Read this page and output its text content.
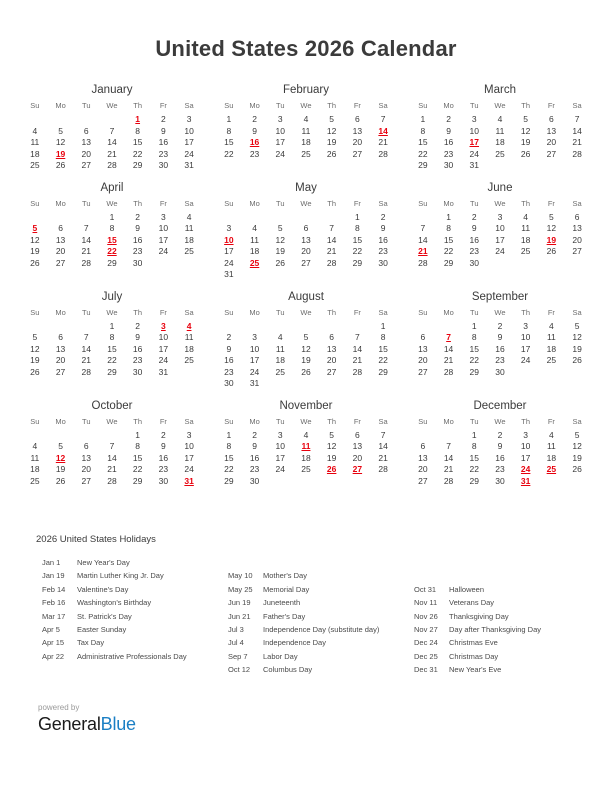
United States 2026 Calendar
January
Su	Mo	Tu	We	Th	Fr	Sa
				1	2	3
4	5	6	7	8	9	10
11	12	13	14	15	16	17
18	19	20	21	22	23	24
25	26	27	28	29	30	31
February
Su	Mo	Tu	We	Th	Fr	Sa
1	2	3	4	5	6	7
8	9	10	11	12	13	14
15	16	17	18	19	20	21
22	23	24	25	26	27	28
March
Su	Mo	Tu	We	Th	Fr	Sa
1	2	3	4	5	6	7
8	9	10	11	12	13	14
15	16	17	18	19	20	21
22	23	24	25	26	27	28
29	30	31				
April
Su	Mo	Tu	We	Th	Fr	Sa
			1	2	3	4
5	6	7	8	9	10	11
12	13	14	15	16	17	18
19	20	21	22	23	24	25
26	27	28	29	30		
May
Su	Mo	Tu	We	Th	Fr	Sa
					1	2
3	4	5	6	7	8	9
10	11	12	13	14	15	16
17	18	19	20	21	22	23
24	25	26	27	28	29	30
31						
June
Su	Mo	Tu	We	Th	Fr	Sa
	1	2	3	4	5	6
7	8	9	10	11	12	13
14	15	16	17	18	19	20
21	22	23	24	25	26	27
28	29	30				
July
Su	Mo	Tu	We	Th	Fr	Sa
			1	2	3	4
5	6	7	8	9	10	11
12	13	14	15	16	17	18
19	20	21	22	23	24	25
26	27	28	29	30	31	
August
Su	Mo	Tu	We	Th	Fr	Sa
						1
2	3	4	5	6	7	8
9	10	11	12	13	14	15
16	17	18	19	20	21	22
23	24	25	26	27	28	29
30	31					
September
Su	Mo	Tu	We	Th	Fr	Sa
		1	2	3	4	5
6	7	8	9	10	11	12
13	14	15	16	17	18	19
20	21	22	23	24	25	26
27	28	29	30			
October
Su	Mo	Tu	We	Th	Fr	Sa
				1	2	3
4	5	6	7	8	9	10
11	12	13	14	15	16	17
18	19	20	21	22	23	24
25	26	27	28	29	30	31
November
Su	Mo	Tu	We	Th	Fr	Sa
1	2	3	4	5	6	7
8	9	10	11	12	13	14
15	16	17	18	19	20	21
22	23	24	25	26	27	28
29	30					
December
Su	Mo	Tu	We	Th	Fr	Sa
		1	2	3	4	5
6	7	8	9	10	11	12
13	14	15	16	17	18	19
20	21	22	23	24	25	26
27	28	29	30	31		
2026 United States Holidays
Jan 1	New Year's Day
Jan 19	Martin Luther King Jr. Day
Feb 14	Valentine's Day
Feb 16	Washington's Birthday
Mar 17	St. Patrick's Day
Apr 5	Easter Sunday
Apr 15	Tax Day
Apr 22	Administrative Professionals Day
May 10	Mother's Day
May 25	Memorial Day
Jun 19	Juneteenth
Jun 21	Father's Day
Jul 3	Independence Day (substitute day)
Jul 4	Independence Day
Sep 7	Labor Day
Oct 12	Columbus Day
Oct 31	Halloween
Nov 11	Veterans Day
Nov 26	Thanksgiving Day
Nov 27	Day after Thanksgiving Day
Dec 24	Christmas Eve
Dec 25	Christmas Day
Dec 31	New Year's Eve
powered by
GeneralBlue
